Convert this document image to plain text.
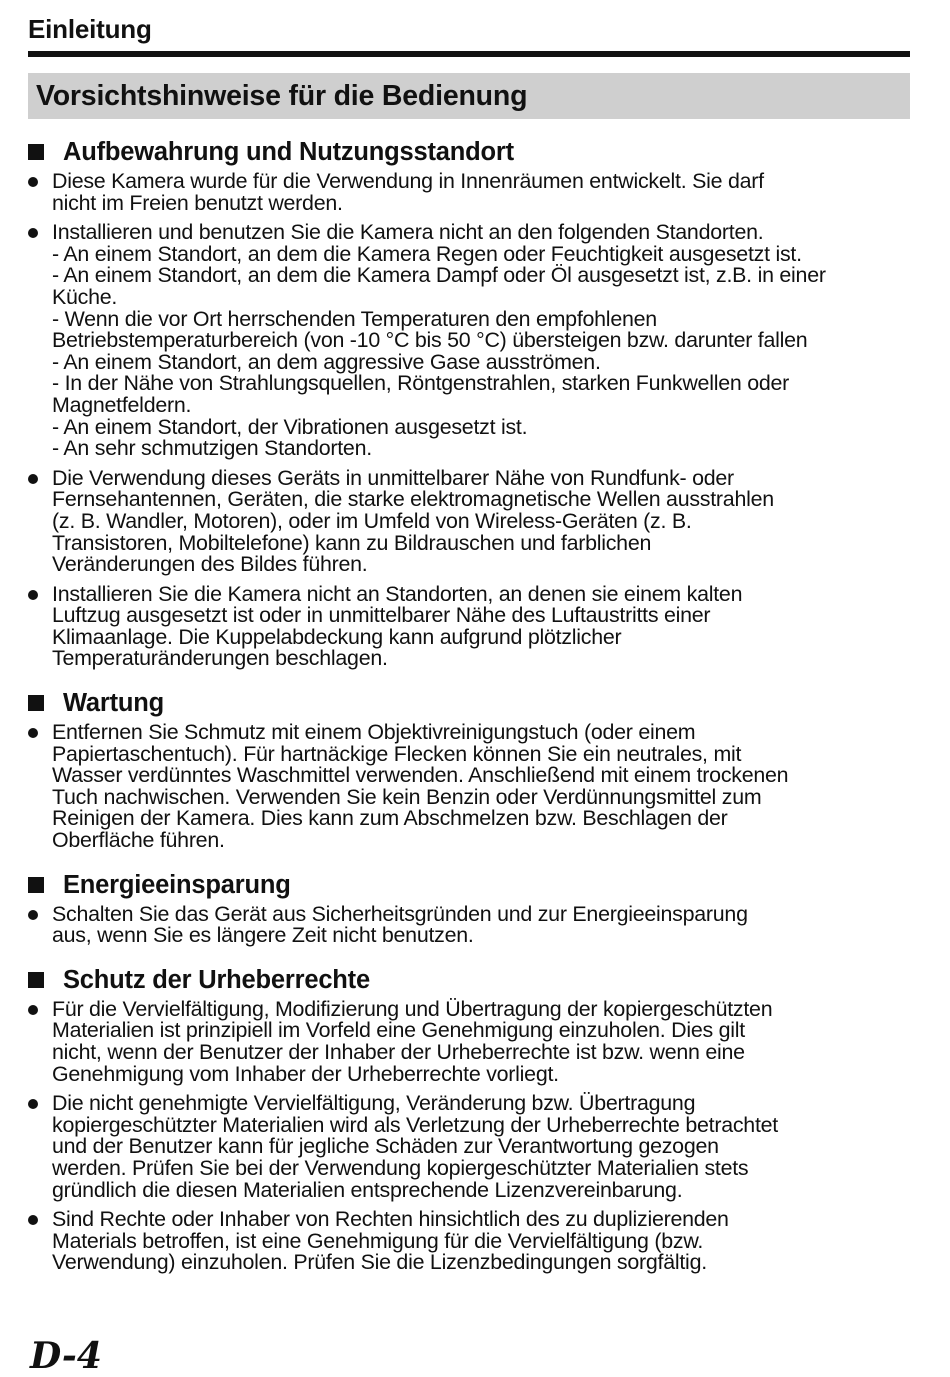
Einleitung
Vorsichtshinweise für die Bedienung
Aufbewahrung und Nutzungsstandort
Diese Kamera wurde für die Verwendung in Innenräumen entwickelt. Sie darf
nicht im Freien benutzt werden.
Installieren und benutzen Sie die Kamera nicht an den folgenden Standorten.
- An einem Standort, an dem die Kamera Regen oder Feuchtigkeit ausgesetzt ist.
- An einem Standort, an dem die Kamera Dampf oder Öl ausgesetzt ist, z.B. in einer
Küche.
- Wenn die vor Ort herrschenden Temperaturen den empfohlenen
Betriebstemperaturbereich (von -10 °C bis 50 °C) übersteigen bzw. darunter fallen
- An einem Standort, an dem aggressive Gase ausströmen.
- In der Nähe von Strahlungsquellen, Röntgenstrahlen, starken Funkwellen oder
Magnetfeldern.
- An einem Standort, der Vibrationen ausgesetzt ist.
- An sehr schmutzigen Standorten.
Die Verwendung dieses Geräts in unmittelbarer Nähe von Rundfunk- oder
Fernsehantennen, Geräten, die starke elektromagnetische Wellen ausstrahlen
(z. B. Wandler, Motoren), oder im Umfeld von Wireless-Geräten (z. B.
Transistoren, Mobiltelefone) kann zu Bildrauschen und farblichen
Veränderungen des Bildes führen.
Installieren Sie die Kamera nicht an Standorten, an denen sie einem kalten
Luftzug ausgesetzt ist oder in unmittelbarer Nähe des Luftaustritts einer
Klimaanlage. Die Kuppelabdeckung kann aufgrund plötzlicher
Temperaturänderungen beschlagen.
Wartung
Entfernen Sie Schmutz mit einem Objektivreinigungstuch (oder einem
Papiertaschentuch). Für hartnäckige Flecken können Sie ein neutrales, mit
Wasser verdünntes Waschmittel verwenden. Anschließend mit einem trockenen
Tuch nachwischen. Verwenden Sie kein Benzin oder Verdünnungsmittel zum
Reinigen der Kamera. Dies kann zum Abschmelzen bzw. Beschlagen der
Oberfläche führen.
Energieeinsparung
Schalten Sie das Gerät aus Sicherheitsgründen und zur Energieeinsparung
aus, wenn Sie es längere Zeit nicht benutzen.
Schutz der Urheberrechte
Für die Vervielfältigung, Modifizierung und Übertragung der kopiergeschützten
Materialien ist prinzipiell im Vorfeld eine Genehmigung einzuholen. Dies gilt
nicht, wenn der Benutzer der Inhaber der Urheberrechte ist bzw. wenn eine
Genehmigung vom Inhaber der Urheberrechte vorliegt.
Die nicht genehmigte Vervielfältigung, Veränderung bzw. Übertragung
kopiergeschützter Materialien wird als Verletzung der Urheberrechte betrachtet
und der Benutzer kann für jegliche Schäden zur Verantwortung gezogen
werden. Prüfen Sie bei der Verwendung kopiergeschützter Materialien stets
gründlich die diesen Materialien entsprechende Lizenzvereinbarung.
Sind Rechte oder Inhaber von Rechten hinsichtlich des zu duplizierenden
Materials betroffen, ist eine Genehmigung für die Vervielfältigung (bzw.
Verwendung) einzuholen. Prüfen Sie die Lizenzbedingungen sorgfältig.
D-4
